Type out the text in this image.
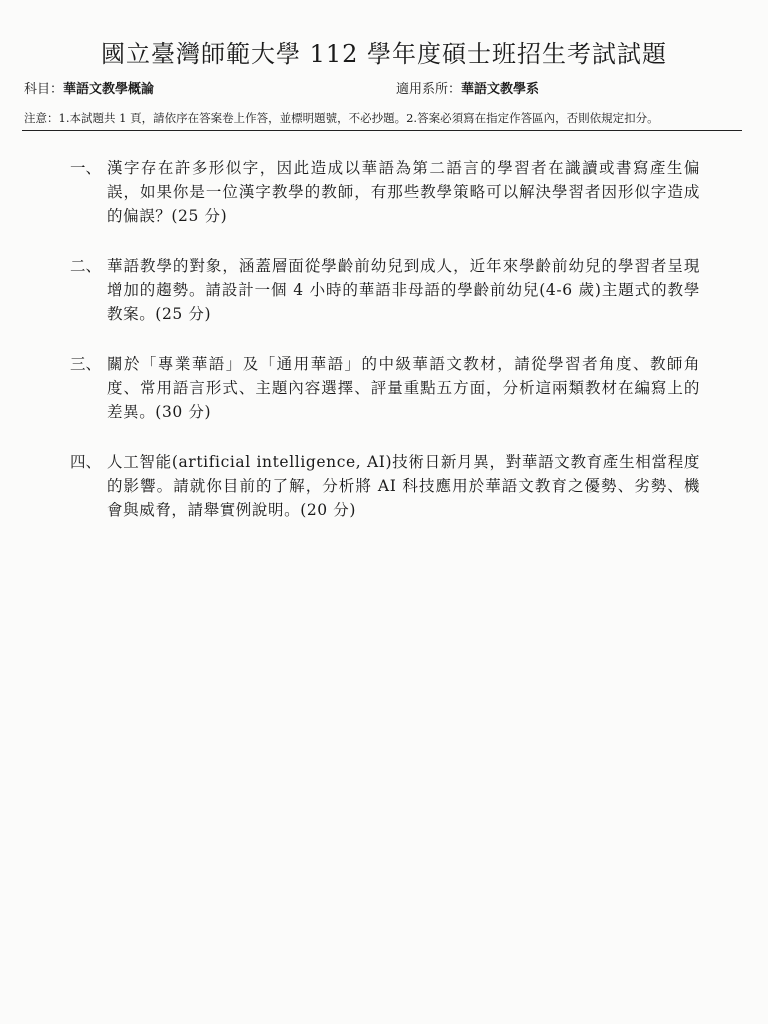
國立臺灣師範大學 112 學年度碩士班招生考試試題
科目：華語文教學概論	適用系所：華語文教學系
注意：1.本試題共 1 頁，請依序在答案卷上作答，並標明題號，不必抄題。2.答案必須寫在指定作答區內，否則依規定扣分。
一、 漢字存在許多形似字，因此造成以華語為第二語言的學習者在識讀或書寫產生偏誤，如果你是一位漢字教學的教師，有那些教學策略可以解決學習者因形似字造成的偏誤？(25 分)
二、 華語教學的對象，涵蓋層面從學齡前幼兒到成人，近年來學齡前幼兒的學習者呈現增加的趨勢。請設計一個 4 小時的華語非母語的學齡前幼兒(4-6 歲)主題式的教學教案。(25 分)
三、 關於「專業華語」及「通用華語」的中級華語文教材，請從學習者角度、教師角度、常用語言形式、主題內容選擇、評量重點五方面，分析這兩類教材在編寫上的差異。(30 分)
四、 人工智能(artificial intelligence, AI)技術日新月異，對華語文教育產生相當程度的影響。請就你目前的了解，分析將 AI 科技應用於華語文教育之優勢、劣勢、機會與威脅，請舉實例說明。(20 分)
